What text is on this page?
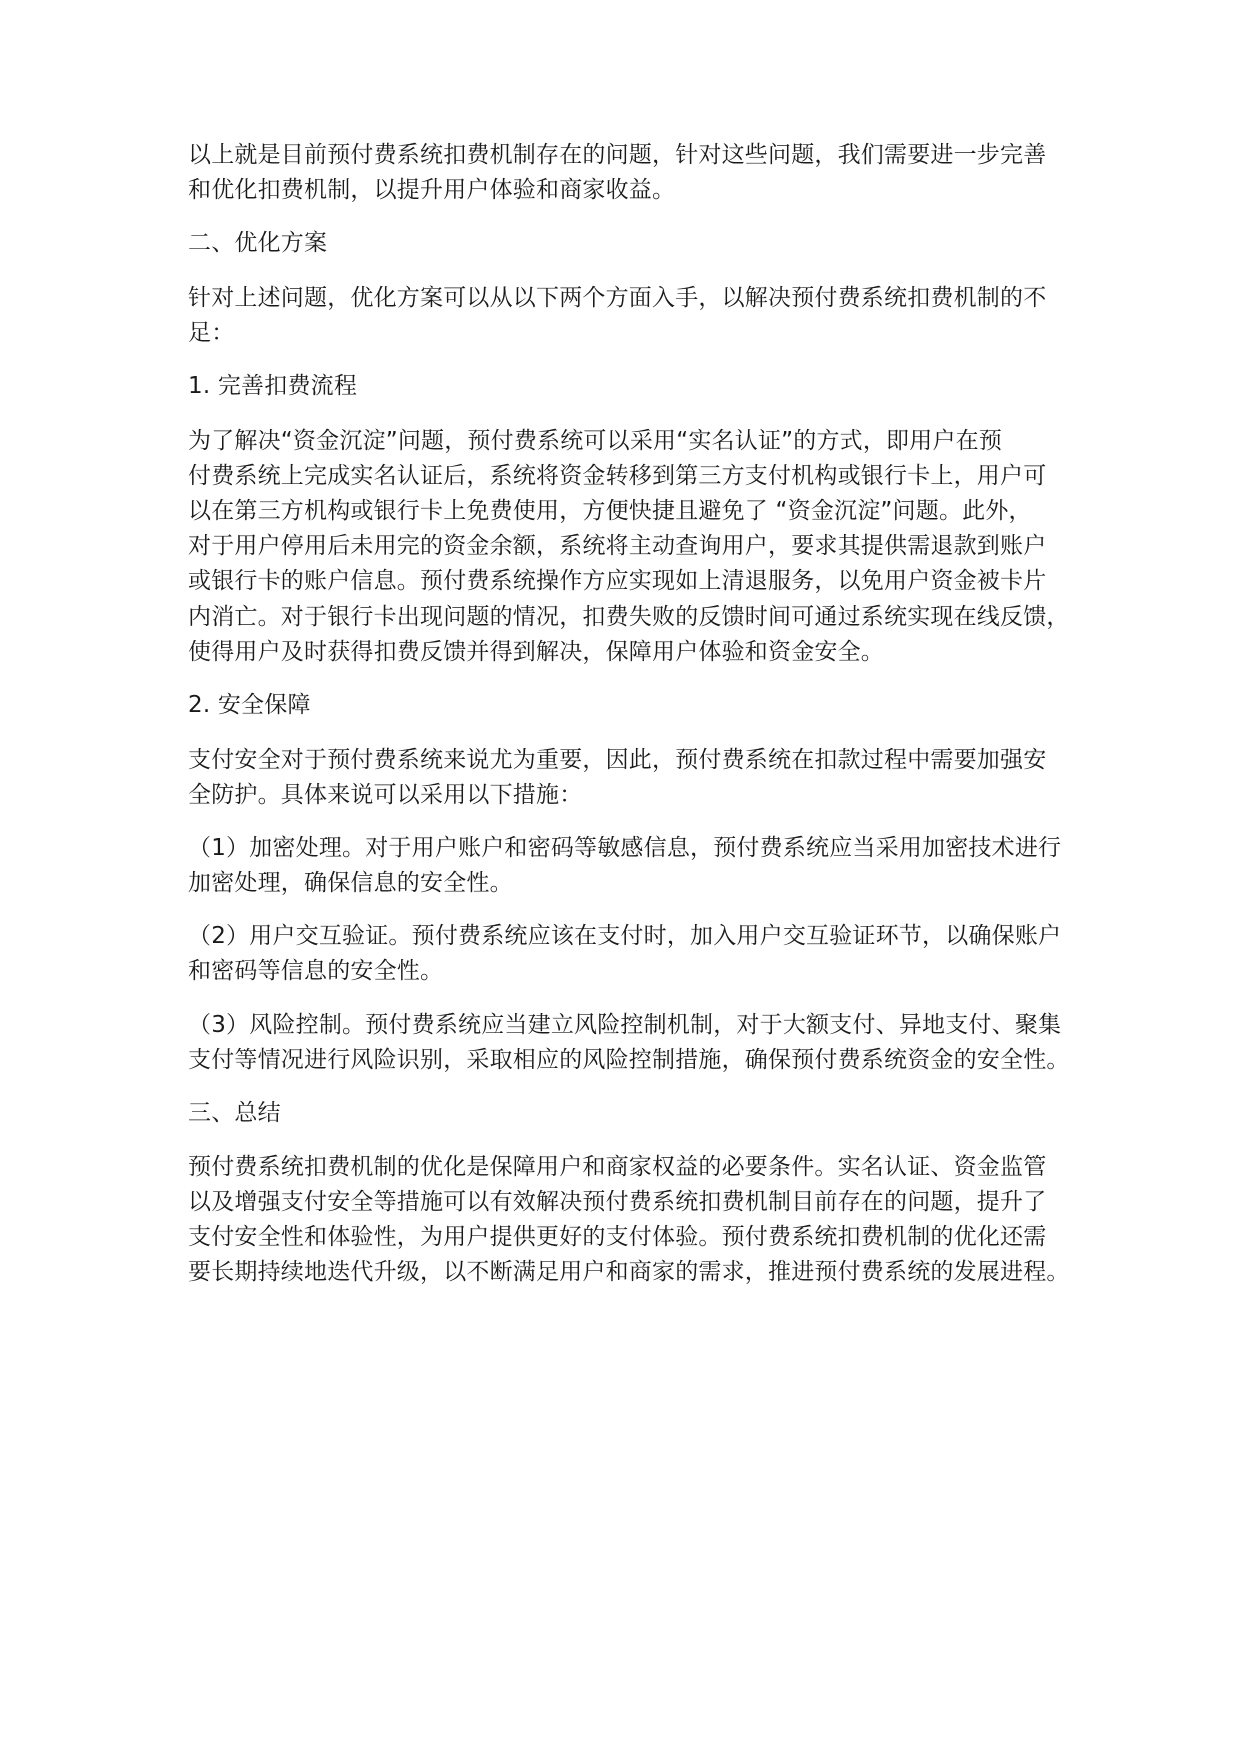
以上就是目前预付费系统扣费机制存在的问题，针对这些问题，我们需要进一步完善
和优化扣费机制，以提升用户体验和商家收益。
二、优化方案
针对上述问题，优化方案可以从以下两个方面入手，以解决预付费系统扣费机制的不
足：
1. 完善扣费流程
为了解决“资金沉淀”问题，预付费系统可以采用“实名认证”的方式，即用户在预
付费系统上完成实名认证后，系统将资金转移到第三方支付机构或银行卡上，用户可
以在第三方机构或银行卡上免费使用，方便快捷且避免了 “资金沉淀”问题。此外，
对于用户停用后未用完的资金余额，系统将主动查询用户，要求其提供需退款到账户
或银行卡的账户信息。预付费系统操作方应实现如上清退服务，以免用户资金被卡片
内消亡。对于银行卡出现问题的情况，扣费失败的反馈时间可通过系统实现在线反馈，
使得用户及时获得扣费反馈并得到解决，保障用户体验和资金安全。
2. 安全保障
支付安全对于预付费系统来说尤为重要，因此，预付费系统在扣款过程中需要加强安
全防护。具体来说可以采用以下措施：
（1）加密处理。对于用户账户和密码等敏感信息，预付费系统应当采用加密技术进行
加密处理，确保信息的安全性。
（2）用户交互验证。预付费系统应该在支付时，加入用户交互验证环节，以确保账户
和密码等信息的安全性。
（3）风险控制。预付费系统应当建立风险控制机制，对于大额支付、异地支付、聚集
支付等情况进行风险识别，采取相应的风险控制措施，确保预付费系统资金的安全性。
三、总结
预付费系统扣费机制的优化是保障用户和商家权益的必要条件。实名认证、资金监管
以及增强支付安全等措施可以有效解决预付费系统扣费机制目前存在的问题，提升了
支付安全性和体验性，为用户提供更好的支付体验。预付费系统扣费机制的优化还需
要长期持续地迭代升级，以不断满足用户和商家的需求，推进预付费系统的发展进程。
